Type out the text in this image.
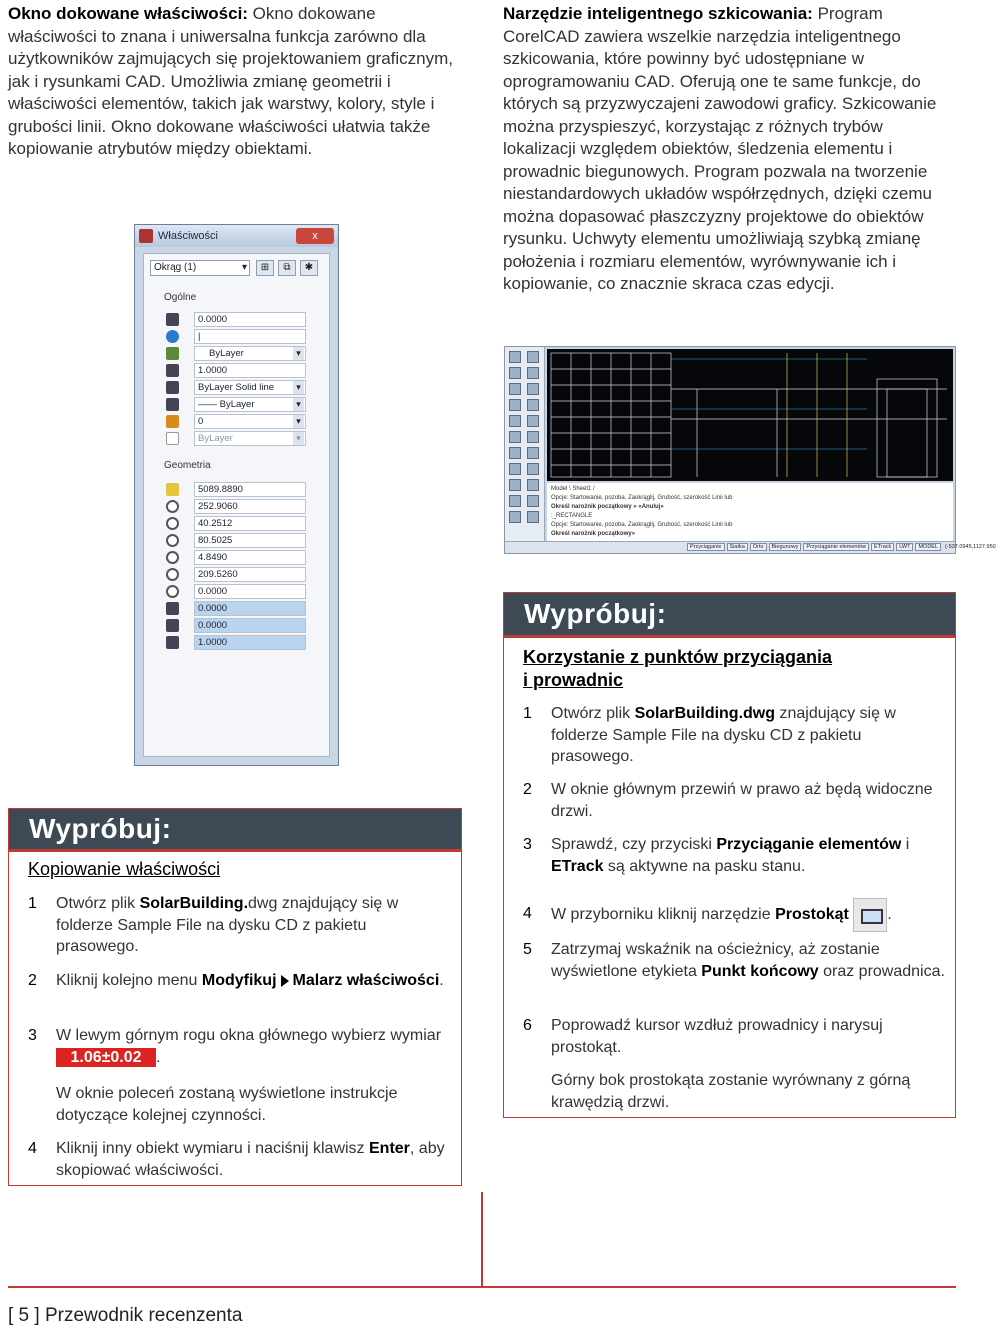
Okno dokowane właściwości: Okno dokowane właściwości to znana i uniwersalna funkcja zarówno dla użytkowników zajmujących się projektowaniem graficznym, jak i rysunkami CAD. Umożliwia zmianę geometrii i właściwości elementów, takich jak warstwy, kolory, style i grubości linii. Okno dokowane właściwości ułatwia także kopiowanie atrybutów między obiektami.
Narzędzie inteligentnego szkicowania: Program CorelCAD zawiera wszelkie narzędzia inteligentnego szkicowania, które powinny być udostępniane w oprogramowaniu CAD. Oferują one te same funkcje, do których są przyzwyczajeni zawodowi graficy. Szkicowanie można przyspieszyć, korzystając z różnych trybów lokalizacji względem obiektów, śledzenia elementu i prowadnic biegunowych. Program pozwala na tworzenie niestandardowych układów współrzędnych, dzięki czemu można dopasować płaszczyzny projektowe do obiektów rysunku. Uchwyty elementu umożliwiają szybką zmianę położenia i rozmiaru elementów, wyrównywanie ich i kopiowanie, co znacznie skraca czas edycji.
Właściwości	x
Okrąg (1) ▾	⊞	⧉	✱
Ogólne
0.0000
|
ByLayer ▾
1.0000
ByLayer Solid line ▾
—— ByLayer ▾
0 ▾
ByLayer ▾
Geometria
5089.8890
252.9060
40.2512
80.5025
4.8490
209.5260
0.0000
0.0000
0.0000
1.0000
Model \ Sheet1 /
Opcje: Startowanie, pozoba, Zaokrąglij, Grubość, szerokość Linii lub
Określ narożnik początkowy » «Anuluj»
:_RECTANGLE
Opcje: Startowanie, pozoba, Zaokrąglij, Grubość, szerokość Linii lub
Określ narożnik początkowy»
Przyciąganie Siatka Orto Biegunowy Przyciąganie elementów ETrack LWT MODEL (-537.0945,1127.950
Wypróbuj:
Korzystanie z punktów przyciągania
i prowadnic
1 Otwórz plik SolarBuilding.dwg znajdujący się w folderze Sample File na dysku CD z pakietu prasowego.
2 W oknie głównym przewiń w prawo aż będą widoczne drzwi.
3 Sprawdź, czy przyciski Przyciąganie elementów i ETrack są aktywne na pasku stanu.
4 W przyborniku kliknij narzędzie Prostokąt .
5 Zatrzymaj wskaźnik na ościeżnicy, aż zostanie wyświetlone etykieta Punkt końcowy oraz prowadnica.
6 Poprowadź kursor wzdłuż prowadnicy i narysuj prostokąt.
Górny bok prostokąta zostanie wyrównany z górną krawędzią drzwi.
Wypróbuj:
Kopiowanie właściwości
1 Otwórz plik SolarBuilding.dwg znajdujący się w folderze Sample File na dysku CD z pakietu prasowego.
2 Kliknij kolejno menu Modyfikuj Malarz właściwości.
3 W lewym górnym rogu okna głównego wybierz wymiar 1.06±0.02 .
W oknie poleceń zostaną wyświetlone instrukcje dotyczące kolejnej czynności.
4 Kliknij inny obiekt wymiaru i naciśnij klawisz Enter, aby skopiować właściwości.
[ 5 ] Przewodnik recenzenta
